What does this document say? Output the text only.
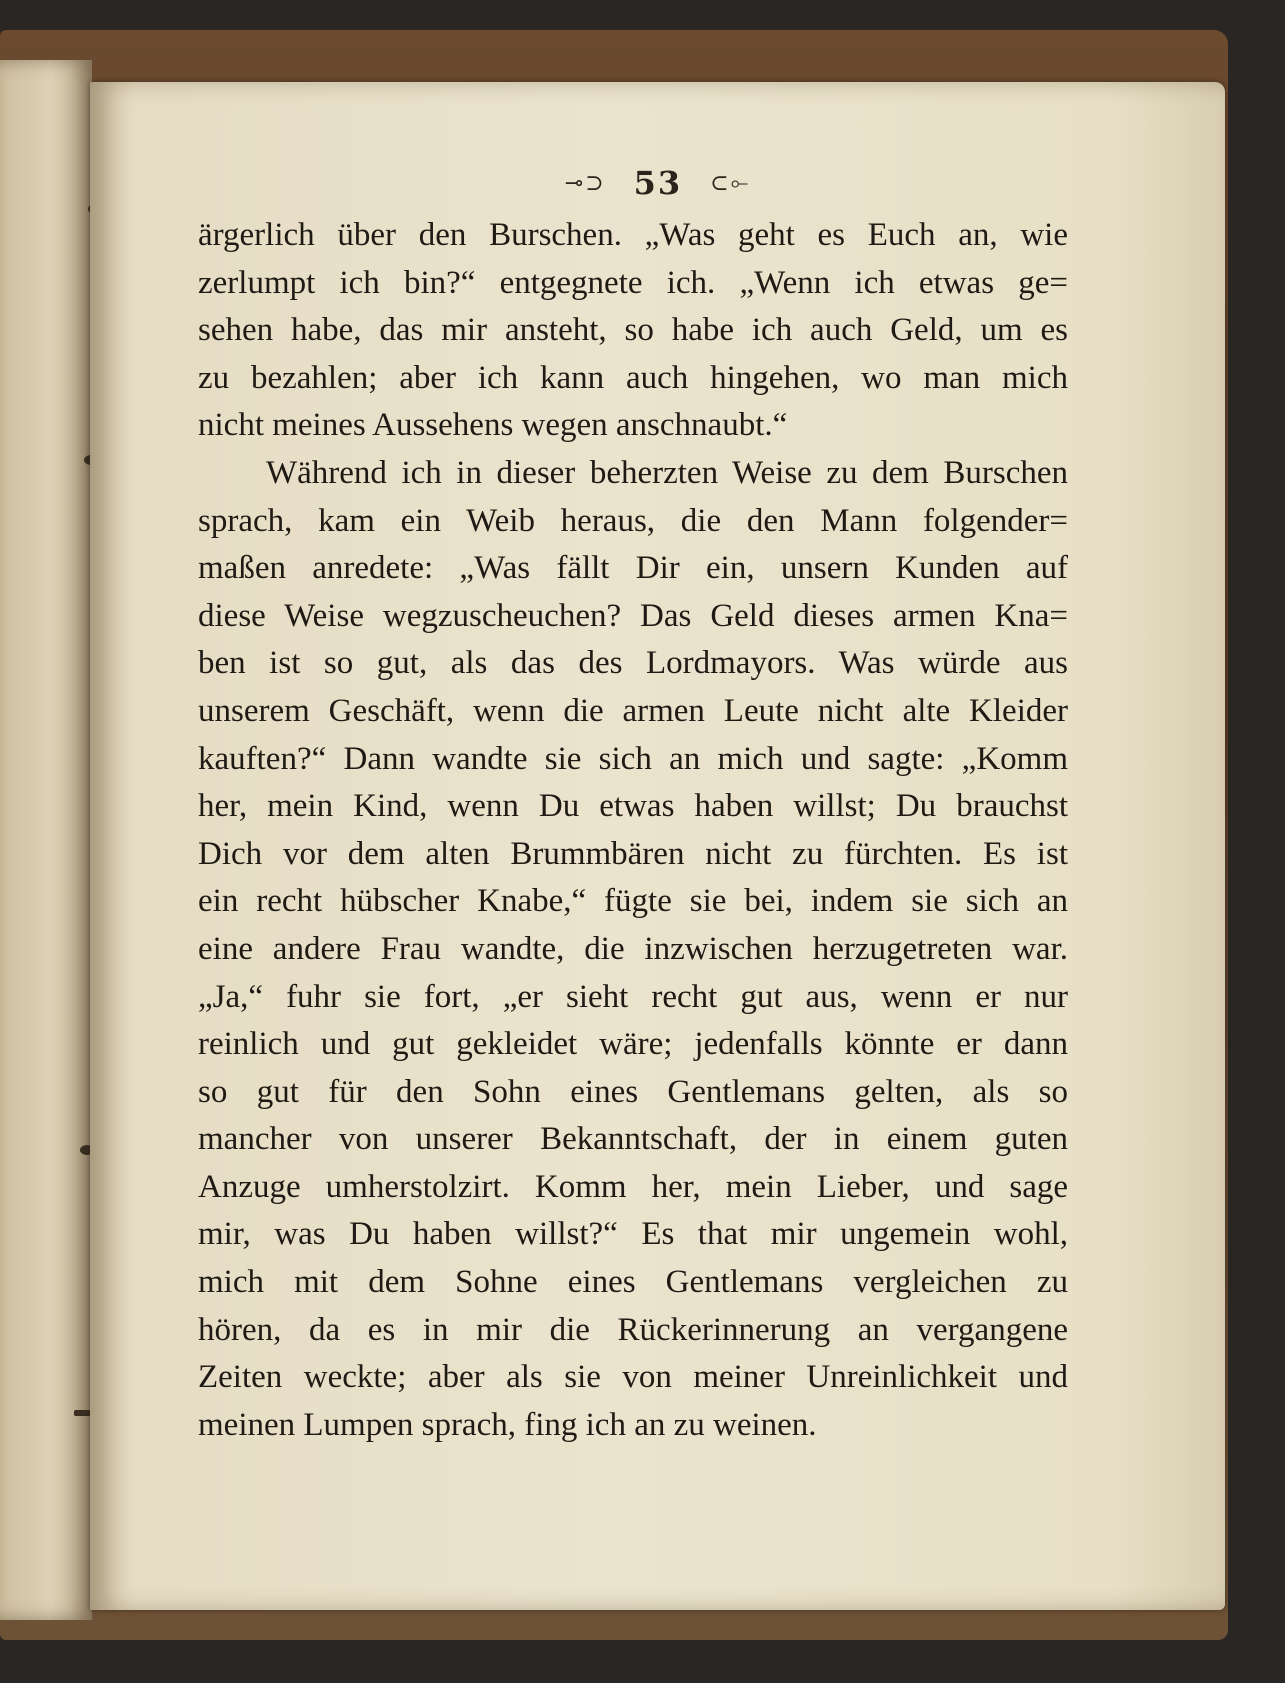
⊸⊃ 53 ⊂⟜
ärgerlich über den Burschen. „Was geht es Euch an, wie
zerlumpt ich bin?“ entgegnete ich. „Wenn ich etwas ge=
sehen habe, das mir ansteht, so habe ich auch Geld, um es
zu bezahlen; aber ich kann auch hingehen, wo man mich
nicht meines Aussehens wegen anschnaubt.“
Während ich in dieser beherzten Weise zu dem Burschen
sprach, kam ein Weib heraus, die den Mann folgender=
maßen anredete: „Was fällt Dir ein, unsern Kunden auf
diese Weise wegzuscheuchen? Das Geld dieses armen Kna=
ben ist so gut, als das des Lordmayors. Was würde aus
unserem Geschäft, wenn die armen Leute nicht alte Kleider
kauften?“ Dann wandte sie sich an mich und sagte: „Komm
her, mein Kind, wenn Du etwas haben willst; Du brauchst
Dich vor dem alten Brummbären nicht zu fürchten. Es ist
ein recht hübscher Knabe,“ fügte sie bei, indem sie sich an
eine andere Frau wandte, die inzwischen herzugetreten war.
„Ja,“ fuhr sie fort, „er sieht recht gut aus, wenn er nur
reinlich und gut gekleidet wäre; jedenfalls könnte er dann
so gut für den Sohn eines Gentlemans gelten, als so
mancher von unserer Bekanntschaft, der in einem guten
Anzuge umherstolzirt. Komm her, mein Lieber, und sage
mir, was Du haben willst?“ Es that mir ungemein wohl,
mich mit dem Sohne eines Gentlemans vergleichen zu
hören, da es in mir die Rückerinnerung an vergangene
Zeiten weckte; aber als sie von meiner Unreinlichkeit und
meinen Lumpen sprach, fing ich an zu weinen.
